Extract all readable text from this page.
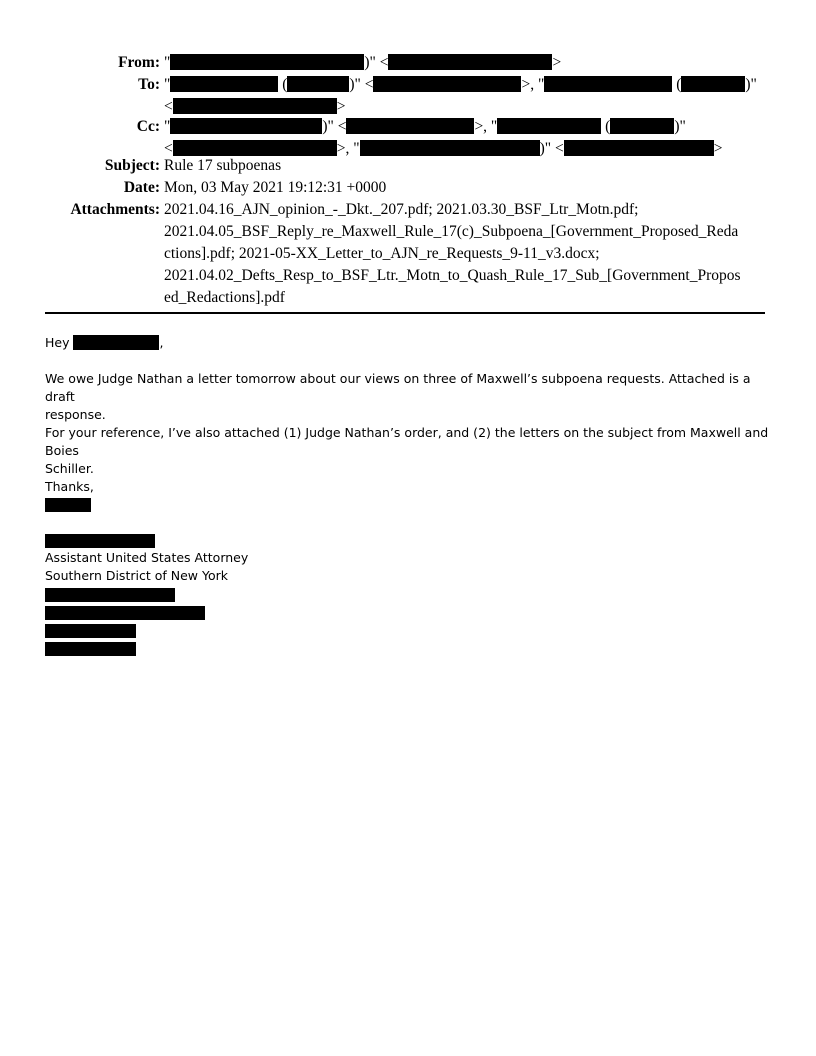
From: "	)" <	>
To: "	(	)" <	>, "	(	)"
<	>
Cc: "	)" <	>, "	(	)"
<	>, "	)" <	>
Subject: Rule 17 subpoenas
Date: Mon, 03 May 2021 19:12:31 +0000
Attachments: 2021.04.16_AJN_opinion_-_Dkt._207.pdf; 2021.03.30_BSF_Ltr_Motn.pdf;
2021.04.05_BSF_Reply_re_Maxwell_Rule_17(c)_Subpoena_[Government_Proposed_Reda
ctions].pdf; 2021-05-XX_Letter_to_AJN_re_Requests_9-11_v3.docx;
2021.04.02_Defts_Resp_to_BSF_Ltr._Motn_to_Quash_Rule_17_Sub_[Government_Propos
ed_Redactions].pdf
Hey	,
We owe Judge Nathan a letter tomorrow about our views on three of Maxwell’s subpoena requests. Attached is a draft
response.
For your reference, I’ve also attached (1) Judge Nathan’s order, and (2) the letters on the subject from Maxwell and Boies
Schiller.
Thanks,
Assistant United States Attorney
Southern District of New York
